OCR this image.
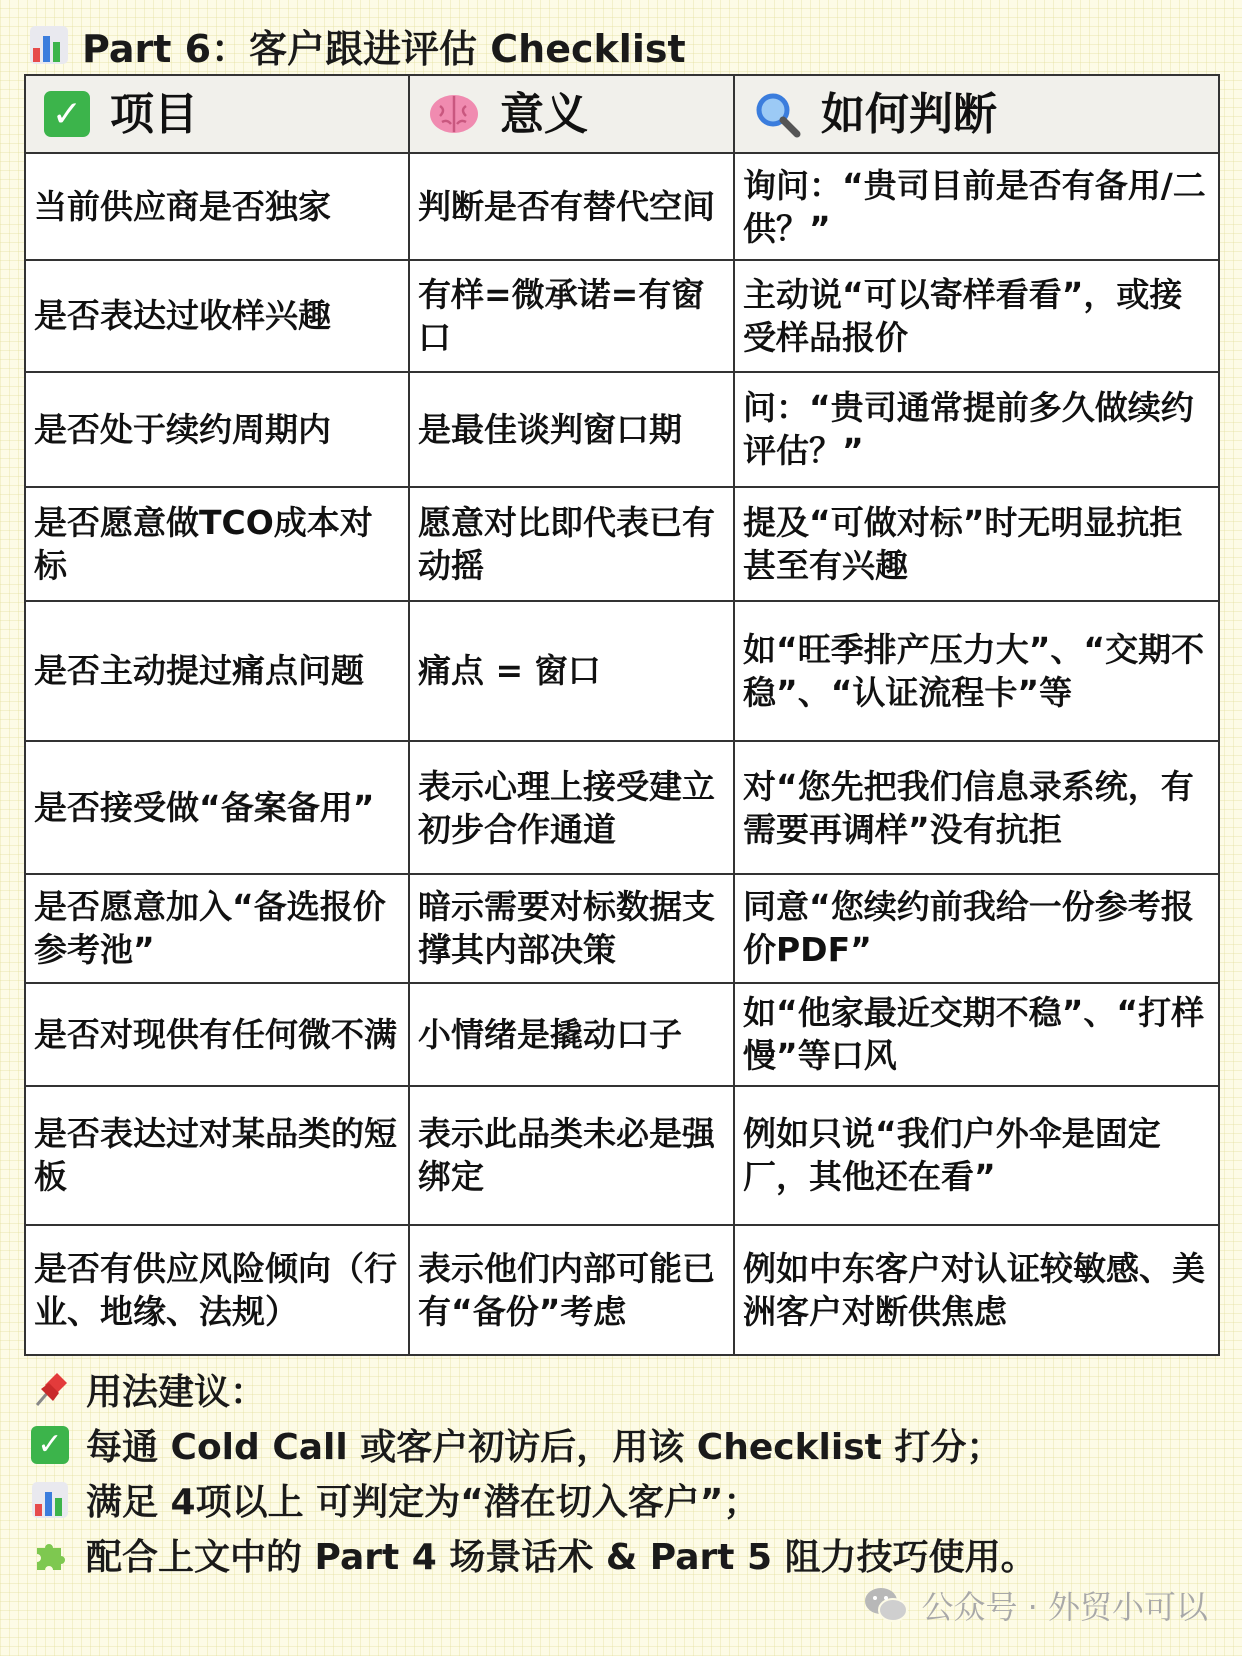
Part 6：客户跟进评估 Checklist
✓ 项目	意义	如何判断

当前供应商是否独家	判断是否有替代空间	询问：“贵司目前是否有备用/二供？”
是否表达过收样兴趣	有样=微承诺=有窗口	主动说“可以寄样看看”，或接受样品报价
是否处于续约周期内	是最佳谈判窗口期	问：“贵司通常提前多久做续约评估？”
是否愿意做TCO成本对标	愿意对比即代表已有动摇	提及“可做对标”时无明显抗拒甚至有兴趣
是否主动提过痛点问题	痛点 = 窗口	如“旺季排产压力大”、“交期不稳”、“认证流程卡”等
是否接受做“备案备用”	表示心理上接受建立初步合作通道	对“您先把我们信息录系统，有需要再调样”没有抗拒
是否愿意加入“备选报价参考池”	暗示需要对标数据支撑其内部决策	同意“您续约前我给一份参考报价PDF”
是否对现供有任何微不满	小情绪是撬动口子	如“他家最近交期不稳”、“打样慢”等口风
是否表达过对某品类的短板	表示此品类未必是强绑定	例如只说“我们户外伞是固定厂，其他还在看”
是否有供应风险倾向（行业、地缘、法规）	表示他们内部可能已有“备份”考虑	例如中东客户对认证较敏感、美洲客户对断供焦虑
用法建议：
✓ 每通 Cold Call 或客户初访后，用该 Checklist 打分；
满足 4项以上 可判定为“潜在切入客户”；
配合上文中的 Part 4 场景话术 & Part 5 阻力技巧使用。
公众号 · 外贸小可以
